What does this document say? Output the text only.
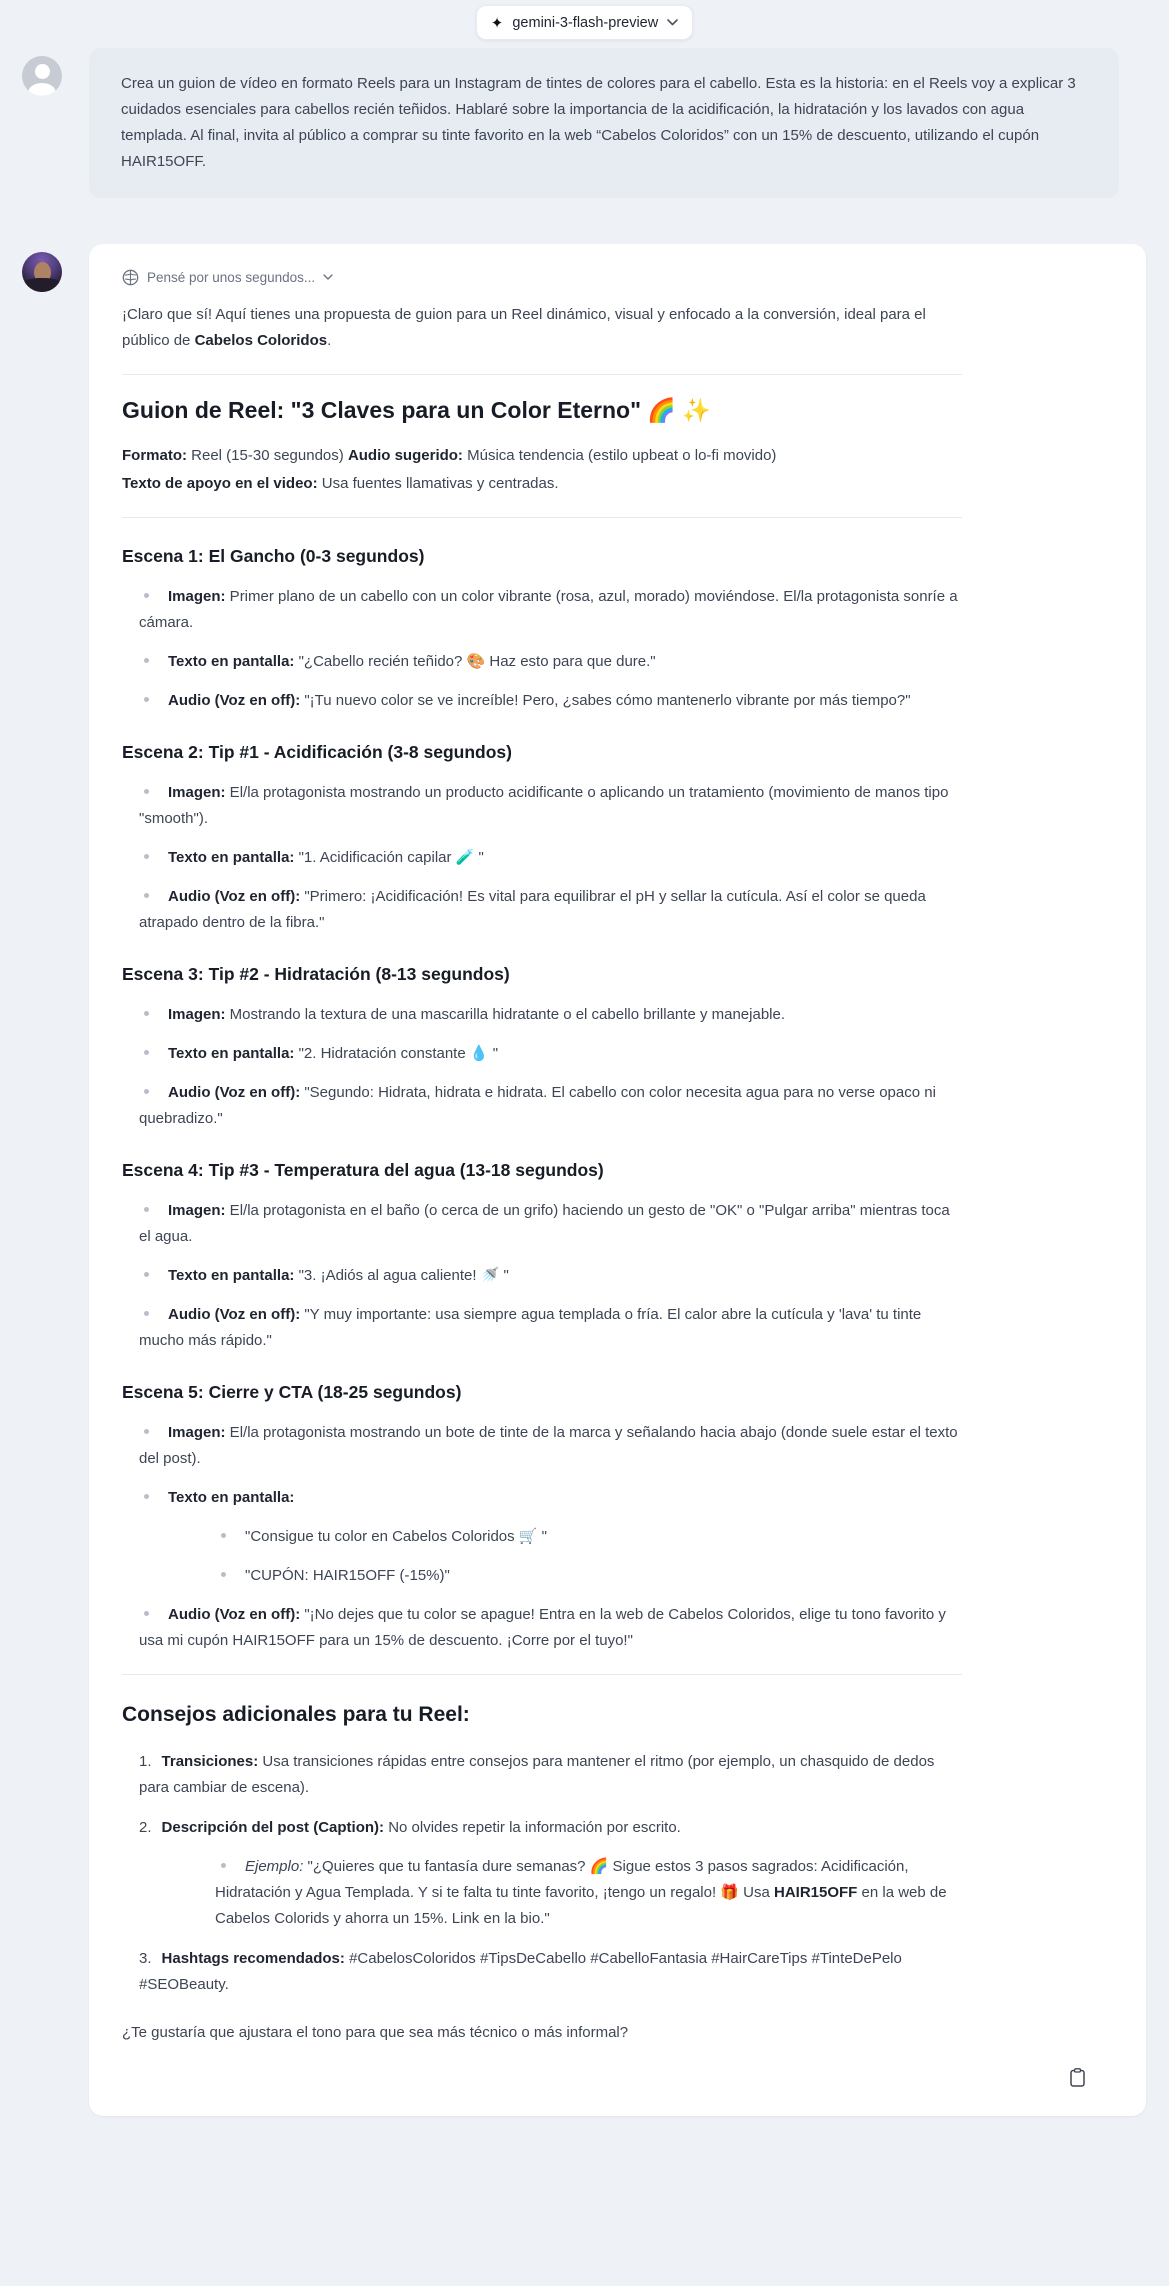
✦ gemini-3-flash-preview

Crea un guion de vídeo en formato Reels para un Instagram de tintes de colores para el cabello. Esta es la historia: en el Reels voy a explicar 3 cuidados esenciales para cabellos recién teñidos. Hablaré sobre la importancia de la acidificación, la hidratación y los lavados con agua templada. Al final, invita al público a comprar su tinte favorito en la web “Cabelos Coloridos” con un 15% de descuento, utilizando el cupón HAIR15OFF.

Pensé por unos segundos...

¡Claro que sí! Aquí tienes una propuesta de guion para un Reel dinámico, visual y enfocado a la conversión, ideal para el público de Cabelos Coloridos.

Guion de Reel: "3 Claves para un Color Eterno" 🌈 ✨

Formato: Reel (15-30 segundos) Audio sugerido: Música tendencia (estilo upbeat o lo-fi movido)

Texto de apoyo en el video: Usa fuentes llamativas y centradas.

Escena 1: El Gancho (0-3 segundos)
Imagen: Primer plano de un cabello con un color vibrante (rosa, azul, morado) moviéndose. El/la protagonista sonríe a cámara.
Texto en pantalla: "¿Cabello recién teñido? 🎨 Haz esto para que dure."
Audio (Voz en off): "¡Tu nuevo color se ve increíble! Pero, ¿sabes cómo mantenerlo vibrante por más tiempo?"
Escena 2: Tip #1 - Acidificación (3-8 segundos)
Imagen: El/la protagonista mostrando un producto acidificante o aplicando un tratamiento (movimiento de manos tipo "smooth").
Texto en pantalla: "1. Acidificación capilar 🧪 "
Audio (Voz en off): "Primero: ¡Acidificación! Es vital para equilibrar el pH y sellar la cutícula. Así el color se queda atrapado dentro de la fibra."
Escena 3: Tip #2 - Hidratación (8-13 segundos)
Imagen: Mostrando la textura de una mascarilla hidratante o el cabello brillante y manejable.
Texto en pantalla: "2. Hidratación constante 💧 "
Audio (Voz en off): "Segundo: Hidrata, hidrata e hidrata. El cabello con color necesita agua para no verse opaco ni quebradizo."
Escena 4: Tip #3 - Temperatura del agua (13-18 segundos)
Imagen: El/la protagonista en el baño (o cerca de un grifo) haciendo un gesto de "OK" o "Pulgar arriba" mientras toca el agua.
Texto en pantalla: "3. ¡Adiós al agua caliente! 🚿 "
Audio (Voz en off): "Y muy importante: usa siempre agua templada o fría. El calor abre la cutícula y 'lava' tu tinte mucho más rápido."
Escena 5: Cierre y CTA (18-25 segundos)
Imagen: El/la protagonista mostrando un bote de tinte de la marca y señalando hacia abajo (donde suele estar el texto del post).
Texto en pantalla:
"Consigue tu color en Cabelos Coloridos 🛒 "
"CUPÓN: HAIR15OFF (-15%)"
Audio (Voz en off): "¡No dejes que tu color se apague! Entra en la web de Cabelos Coloridos, elige tu tono favorito y usa mi cupón HAIR15OFF para un 15% de descuento. ¡Corre por el tuyo!"
Consejos adicionales para tu Reel:
1. Transiciones: Usa transiciones rápidas entre consejos para mantener el ritmo (por ejemplo, un chasquido de dedos para cambiar de escena).
2. Descripción del post (Caption): No olvides repetir la información por escrito.
Ejemplo: "¿Quieres que tu fantasía dure semanas? 🌈 Sigue estos 3 pasos sagrados: Acidificación, Hidratación y Agua Templada. Y si te falta tu tinte favorito, ¡tengo un regalo! 🎁 Usa HAIR15OFF en la web de Cabelos Colorids y ahorra un 15%. Link en la bio."
3. Hashtags recomendados: #CabelosColoridos #TipsDeCabello #CabelloFantasia #HairCareTips #TinteDePelo #SEOBeauty.

¿Te gustaría que ajustara el tono para que sea más técnico o más informal?
